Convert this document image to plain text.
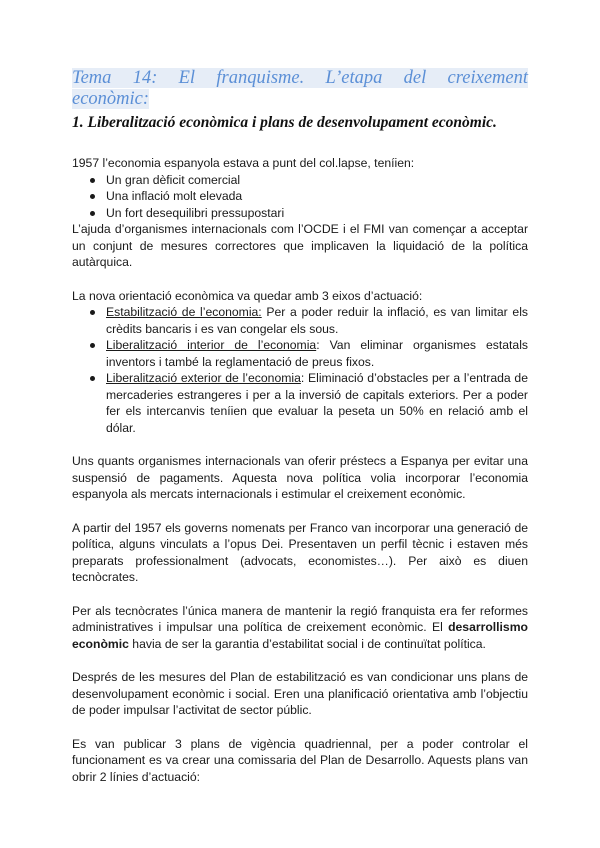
Tema 14: El franquisme. L’etapa del creixement
econòmic:
1. Liberalització econòmica i plans de desenvolupament econòmic.

1957 l’economia espanyola estava a punt del col.lapse, teníien:

Un gran dèficit comercial
Una inflació molt elevada
Un fort desequilibri pressupostari

L’ajuda d’organismes internacionals com l’OCDE i el FMI van començar a acceptar un conjunt de mesures correctores que implicaven la liquidació de la política autàrquica.

La nova orientació econòmica va quedar amb 3 eixos d’actuació:

Estabilització de l’economia: Per a poder reduir la inflació, es van limitar els crèdits bancaris i es van congelar els sous.
Liberalització interior de l’economia: Van eliminar organismes estatals inventors i també la reglamentació de preus fixos.
Liberalització exterior de l’economia: Eliminació d’obstacles per a l’entrada de mercaderies estrangeres i per a la inversió de capitals exteriors. Per a poder fer els intercanvis teníien que evaluar la peseta un 50% en relació amb el dólar.

Uns quants organismes internacionals van oferir préstecs a Espanya per evitar una suspensió de pagaments. Aquesta nova política volia incorporar l’economia espanyola als mercats internacionals i estimular el creixement econòmic.

A partir del 1957 els governs nomenats per Franco van incorporar una generació de política, alguns vinculats a l’opus Dei. Presentaven un perfil tècnic i estaven més preparats professionalment (advocats, economistes…). Per això es diuen tecnòcrates.

Per als tecnòcrates l’única manera de mantenir la regió franquista era fer reformes administratives i impulsar una política de creixement econòmic. El desarrollismo econòmic havia de ser la garantia d’estabilitat social i de continuïtat política.

Després de les mesures del Plan de estabilització es van condicionar uns plans de desenvolupament econòmic i social. Eren una planificació orientativa amb l’objectiu de poder impulsar l’activitat de sector públic.

Es van publicar 3 plans de vigència quadriennal, per a poder controlar el funcionament es va crear una comissaria del Plan de Desarrollo. Aquests plans van obrir 2 línies d’actuació:
